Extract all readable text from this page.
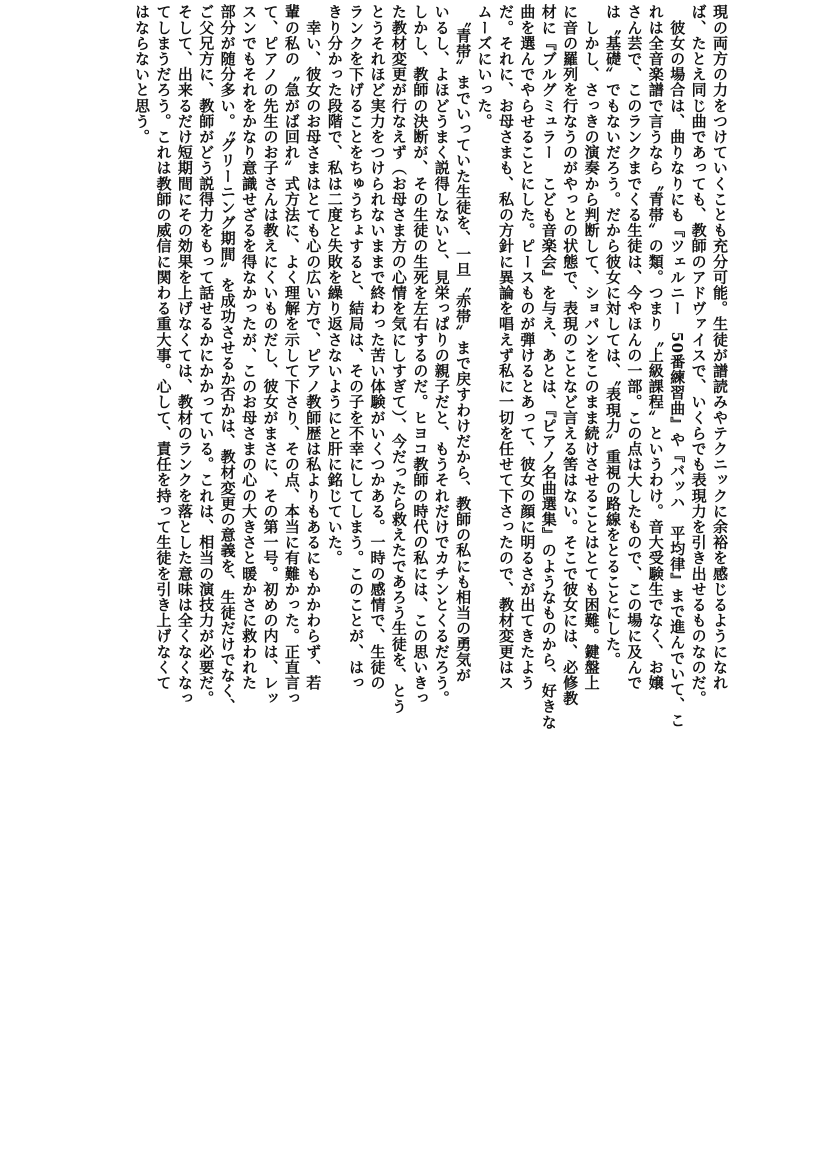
現の両方の力をつけていくことも充分可能。生徒が譜読みやテクニックに余裕を感じるようになれ
ば、たとえ同じ曲であっても、教師のアドヴァイスで、いくらでも表現力を引き出せるものなのだ。
　彼女の場合は、曲りなりにも『ツェルニー　50番練習曲』や『バッハ　平均律』まで進んでいて、こ
れは全音楽譜で言うなら〝青帯〟の類。つまり〝上級課程〟というわけ。音大受験生でなく、お嬢
さん芸で、このランクまでくる生徒は、今やほんの一部。この点は大したもので、この場に及んで
は〝基礎〟でもないだろう。だから彼女に対しては、〝表現力〟重視の路線をとることにした。
　しかし、さっきの演奏から判断して、ショパンをこのまま続けさせることはとても困難。鍵盤上
に音の羅列を行なうのがやっとの状態で、表現のことなど言える筈はない。そこで彼女には、必修教
材に『ブルグミュラー　こども音楽会』を与え、あとは、『ピアノ名曲選集』のようなものから、好きな
曲を選んでやらせることにした。ピースものが弾けるとあって、彼女の顔に明るさが出てきたよう
だ。それに、お母さまも、私の方針に異論を唱えず私に一切を任せて下さったので、教材変更はス
ムーズにいった。
　〝青帯〟までいっていた生徒を、一旦〝赤帯〟まで戻すわけだから、教師の私にも相当の勇気が
いるし、よほどうまく説得しないと、見栄っぱりの親子だと、もうそれだけでカチンとくるだろう。
しかし、教師の決断が、その生徒の生死を左右するのだ。ヒヨコ教師の時代の私には、この思いきっ
た教材変更が行なえず（お母さま方の心情を気にしすぎて）、今だったら救えたであろう生徒を、とう
とうそれほど実力をつけられないままで終わった苦い体験がいくつかある。一時の感情で、生徒の
ランクを下げることをちゅうちょすると、結局は、その子を不幸にしてしまう。このことが、はっ
きり分かった段階で、私は二度と失敗を繰り返さないようにと肝に銘じていた。
　幸い、彼女のお母さまはとても心の広い方で、ピアノ教師歴は私よりもあるにもかかわらず、若
輩の私の〝急がば回れ〟式方法に、よく理解を示して下さり、その点、本当に有難かった。正直言っ
て、ピアノの先生のお子さんは教えにくいものだし、彼女がまさに、その第一号。初めの内は、レッ
スンでもそれをかなり意識せざるを得なかったが、このお母さまの心の大きさと暖かさに救われた
部分が随分多い。〝グリーニング期間〟を成功させるか否かは、教材変更の意義を、生徒だけでなく、
ご父兄方に、教師がどう説得力をもって話せるかにかかっている。これは、相当の演技力が必要だ。
そして、出来るだけ短期間にその効果を上げなくては、教材のランクを落とした意味は全くなくなっ
てしまうだろう。これは教師の威信に関わる重大事。心して、責任を持って生徒を引き上げなくて
はならないと思う。
